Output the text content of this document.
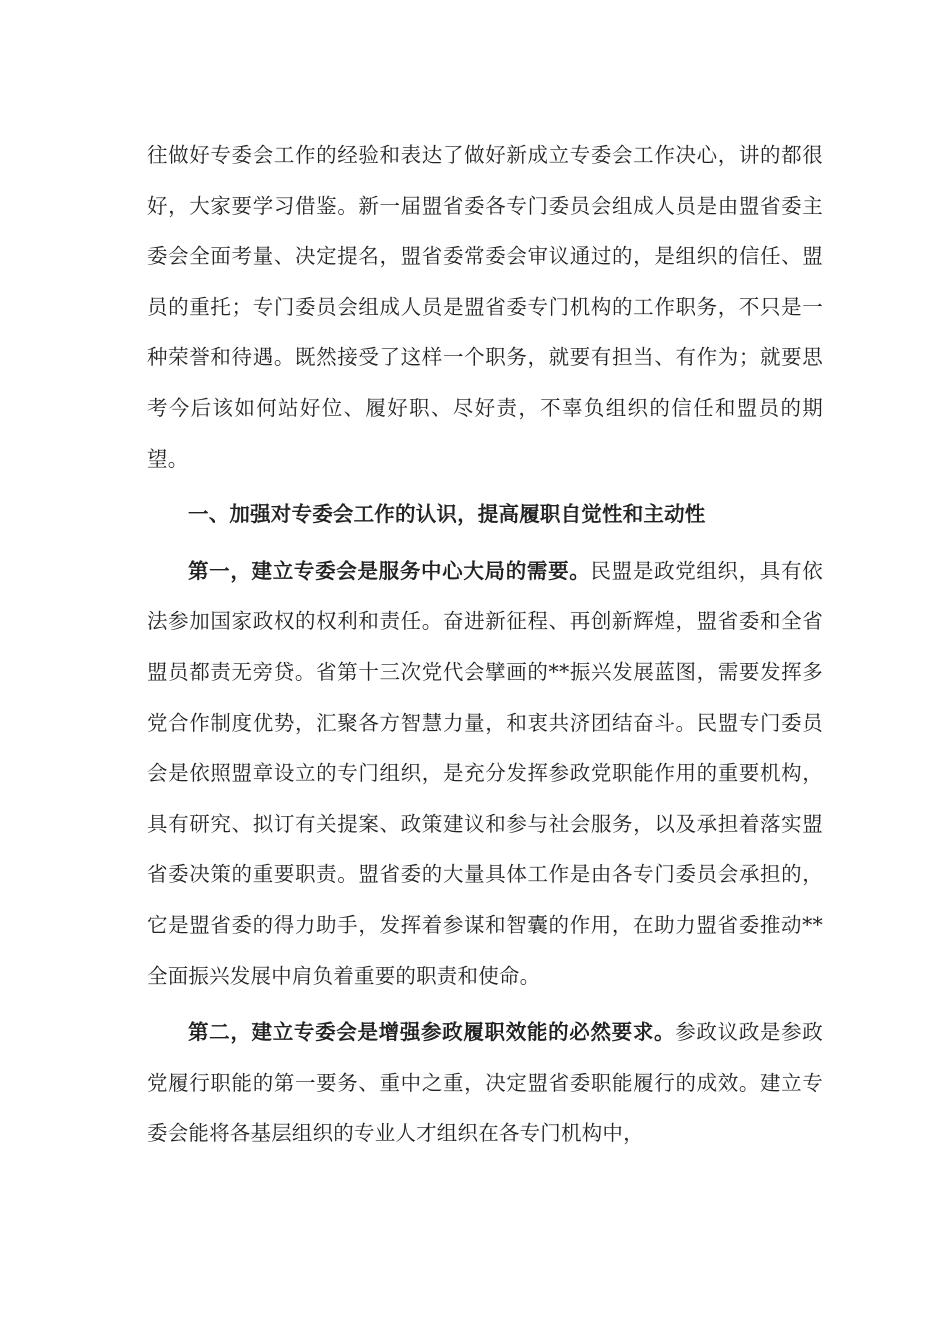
往做好专委会工作的经验和表达了做好新成立专委会工作决心，讲的都很好，大家要学习借鉴。新一届盟省委各专门委员会组成人员是由盟省委主委会全面考量、决定提名，盟省委常委会审议通过的，是组织的信任、盟员的重托；专门委员会组成人员是盟省委专门机构的工作职务，不只是一种荣誉和待遇。既然接受了这样一个职务，就要有担当、有作为；就要思考今后该如何站好位、履好职、尽好责，不辜负组织的信任和盟员的期望。

一、加强对专委会工作的认识，提高履职自觉性和主动性

第一，建立专委会是服务中心大局的需要。民盟是政党组织，具有依法参加国家政权的权利和责任。奋进新征程、再创新辉煌，盟省委和全省盟员都责无旁贷。省第十三次党代会擘画的**振兴发展蓝图，需要发挥多党合作制度优势，汇聚各方智慧力量，和衷共济团结奋斗。民盟专门委员会是依照盟章设立的专门组织，是充分发挥参政党职能作用的重要机构，具有研究、拟订有关提案、政策建议和参与社会服务，以及承担着落实盟省委决策的重要职责。盟省委的大量具体工作是由各专门委员会承担的，它是盟省委的得力助手，发挥着参谋和智囊的作用，在助力盟省委推动**全面振兴发展中肩负着重要的职责和使命。

第二，建立专委会是增强参政履职效能的必然要求。参政议政是参政党履行职能的第一要务、重中之重，决定盟省委职能履行的成效。建立专委会能将各基层组织的专业人才组织在各专门机构中，
